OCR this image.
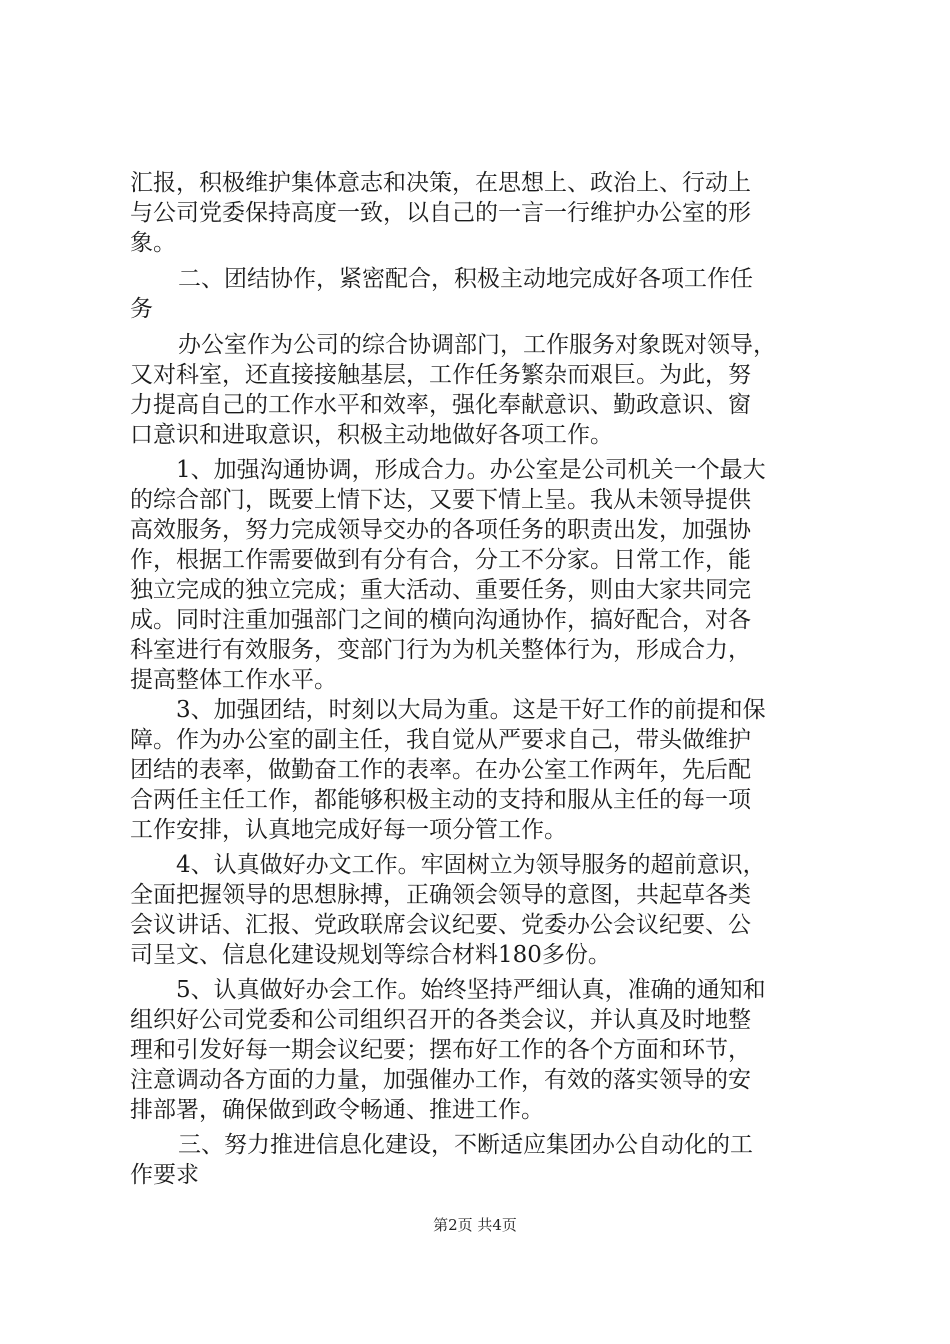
汇报，积极维护集体意志和决策，在思想上、政治上、行动上
与公司党委保持高度一致，以自己的一言一行维护办公室的形
象。
二、团结协作，紧密配合，积极主动地完成好各项工作任
务
办公室作为公司的综合协调部门，工作服务对象既对领导，
又对科室，还直接接触基层，工作任务繁杂而艰巨。为此，努
力提高自己的工作水平和效率，强化奉献意识、勤政意识、窗
口意识和进取意识，积极主动地做好各项工作。
1、加强沟通协调，形成合力。办公室是公司机关一个最大
的综合部门，既要上情下达，又要下情上呈。我从未领导提供
高效服务，努力完成领导交办的各项任务的职责出发，加强协
作，根据工作需要做到有分有合，分工不分家。日常工作，能
独立完成的独立完成；重大活动、重要任务，则由大家共同完
成。同时注重加强部门之间的横向沟通协作，搞好配合，对各
科室进行有效服务，变部门行为为机关整体行为，形成合力，
提高整体工作水平。
3、加强团结，时刻以大局为重。这是干好工作的前提和保
障。作为办公室的副主任，我自觉从严要求自己，带头做维护
团结的表率，做勤奋工作的表率。在办公室工作两年，先后配
合两任主任工作，都能够积极主动的支持和服从主任的每一项
工作安排，认真地完成好每一项分管工作。
4、认真做好办文工作。牢固树立为领导服务的超前意识，
全面把握领导的思想脉搏，正确领会领导的意图，共起草各类
会议讲话、汇报、党政联席会议纪要、党委办公会议纪要、公
司呈文、信息化建设规划等综合材料180多份。
5、认真做好办会工作。始终坚持严细认真，准确的通知和
组织好公司党委和公司组织召开的各类会议，并认真及时地整
理和引发好每一期会议纪要；摆布好工作的各个方面和环节，
注意调动各方面的力量，加强催办工作，有效的落实领导的安
排部署，确保做到政令畅通、推进工作。
三、努力推进信息化建设，不断适应集团办公自动化的工
作要求
第2页 共4页
